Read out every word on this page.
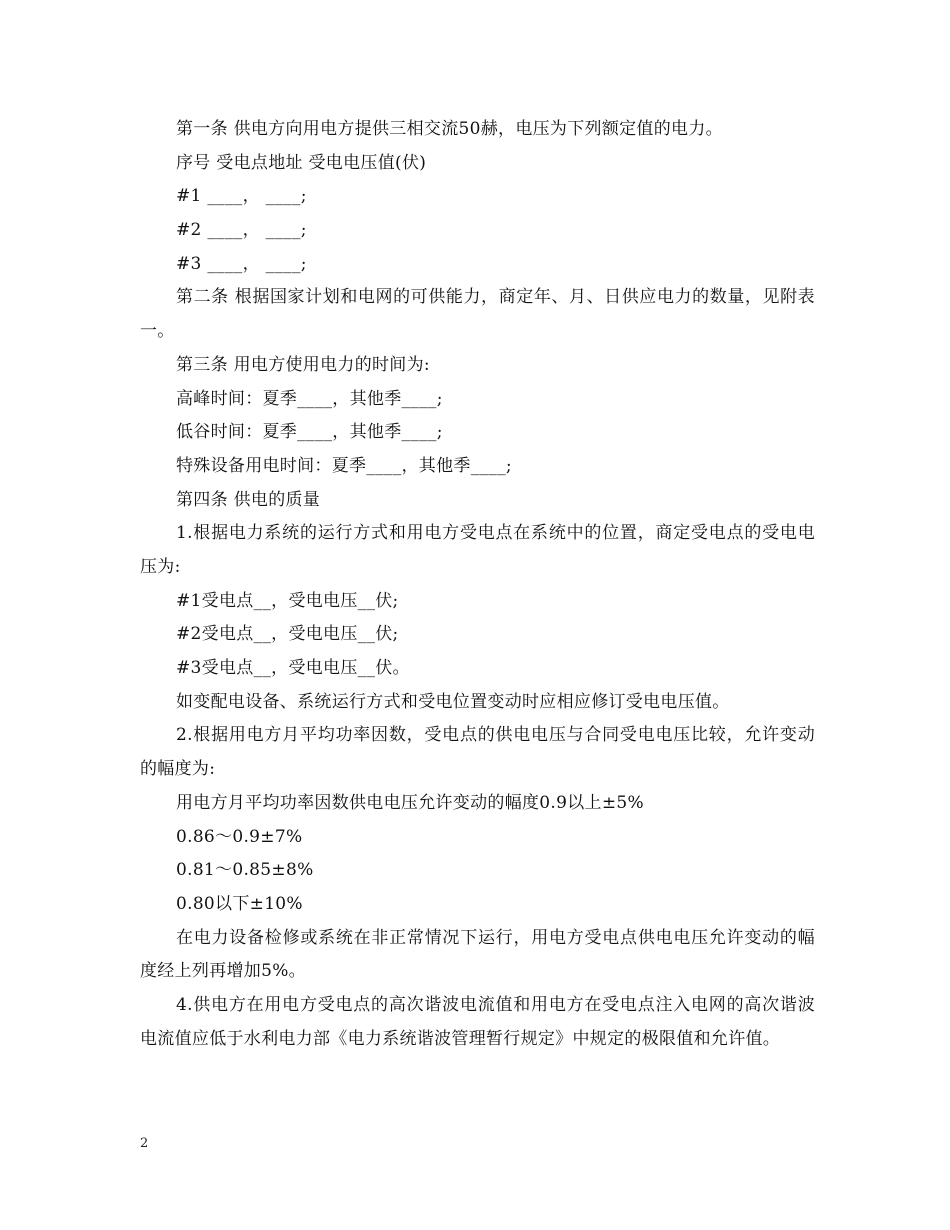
第一条 供电方向用电方提供三相交流50赫，电压为下列额定值的电力。
序号 受电点地址 受电电压值(伏)
#1 ____， ____;
#2 ____， ____;
#3 ____， ____;
第二条 根据国家计划和电网的可供能力，商定年、月、日供应电力的数量，见附表一。
第三条 用电方使用电力的时间为:
高峰时间：夏季____，其他季____;
低谷时间：夏季____，其他季____;
特殊设备用电时间：夏季____，其他季____;
第四条 供电的质量
1.根据电力系统的运行方式和用电方受电点在系统中的位置，商定受电点的受电电压为:
#1受电点__，受电电压__伏;
#2受电点__，受电电压__伏;
#3受电点__，受电电压__伏。
如变配电设备、系统运行方式和受电位置变动时应相应修订受电电压值。
2.根据用电方月平均功率因数，受电点的供电电压与合同受电电压比较，允许变动的幅度为:
用电方月平均功率因数供电电压允许变动的幅度0.9以上±5%
0.86～0.9±7%
0.81～0.85±8%
0.80以下±10%
在电力设备检修或系统在非正常情况下运行，用电方受电点供电电压允许变动的幅度经上列再增加5%。
4.供电方在用电方受电点的高次谐波电流值和用电方在受电点注入电网的高次谐波电流值应低于水利电力部《电力系统谐波管理暂行规定》中规定的极限值和允许值。
2
